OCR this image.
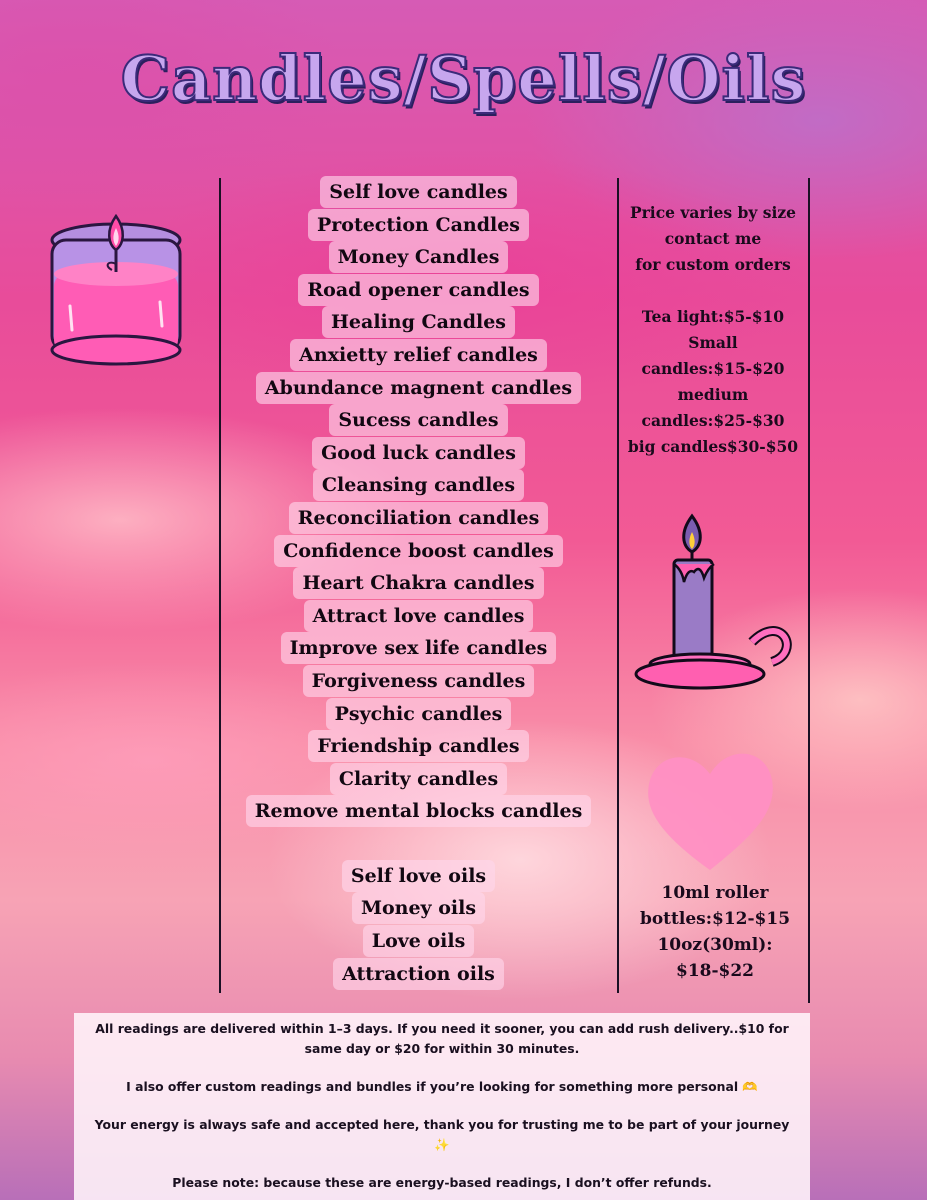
Candles/Spells/Oils
Self love candles
Protection Candles
Money Candles
Road opener candles
Healing Candles
Anxietty relief candles
Abundance magnent candles
Sucess candles
Good luck candles
Cleansing candles
Reconciliation candles
Confidence boost candles
Heart Chakra candles
Attract love candles
Improve sex life candles
Forgiveness candles
Psychic candles
Friendship candles
Clarity candles
Remove mental blocks candles
Self love oils
Money oils
Love oils
Attraction oils
Price varies by size
contact me
for custom orders
Tea light:$5-$10
Small candles:$15-$20
medium candles:$25-$30
big candles$30-$50
10ml roller bottles:$12-$15
10oz(30ml): $18-$22

All readings are delivered within 1–3 days. If you need it sooner, you can add rush delivery..$10 for same day or $20 for within 30 minutes.

I also offer custom readings and bundles if you’re looking for something more personal 🫶

Your energy is always safe and accepted here, thank you for trusting me to be part of your journey ✨

Please note: because these are energy-based readings, I don’t offer refunds.
